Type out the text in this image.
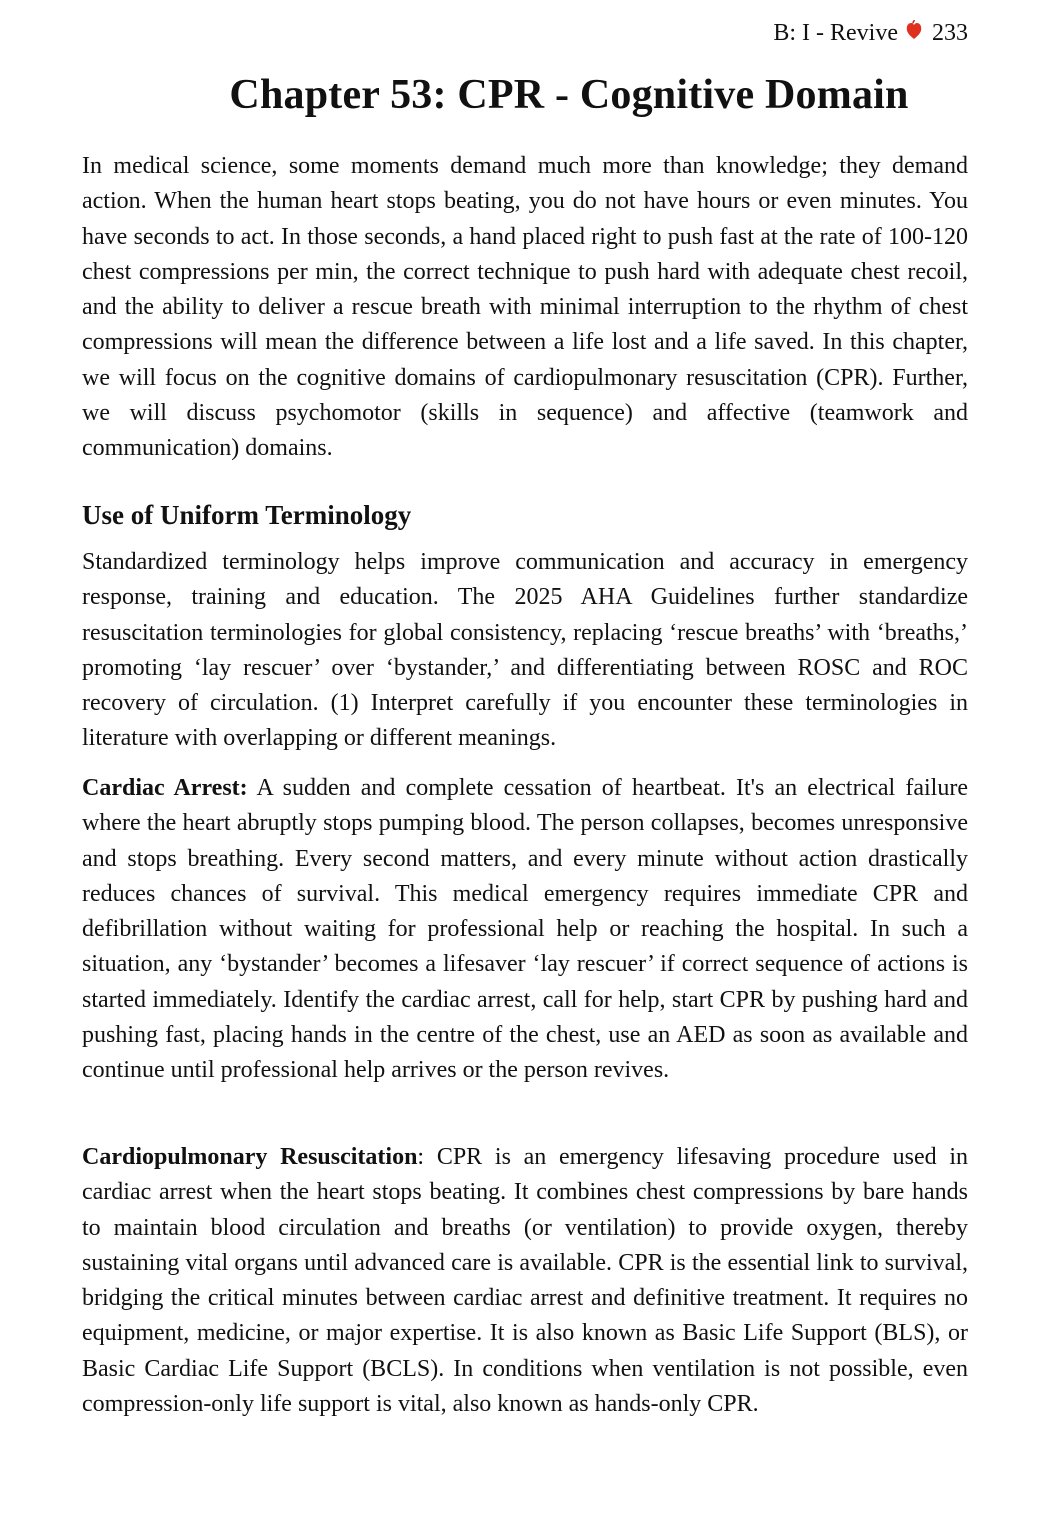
B: I - Revive 233
Chapter 53: CPR - Cognitive Domain

In medical science, some moments demand much more than knowledge; they demand action. When the human heart stops beating, you do not have hours or even minutes. You have seconds to act. In those seconds, a hand placed right to push fast at the rate of 100-120 chest compressions per min, the correct technique to push hard with adequate chest recoil, and the ability to deliver a rescue breath with minimal interruption to the rhythm of chest compressions will mean the difference between a life lost and a life saved. In this chapter, we will focus on the cognitive domains of cardiopulmonary resuscitation (CPR). Further, we will discuss psychomotor (skills in sequence) and affective (teamwork and communication) domains.

Use of Uniform Terminology

Standardized terminology helps improve communication and accuracy in emergency response, training and education. The 2025 AHA Guidelines further standardize resuscitation terminologies for global consistency, replacing ‘rescue breaths’ with ‘breaths,’ promoting ‘lay rescuer’ over ‘bystander,’ and differentiating between ROSC and ROC recovery of circulation. (1) Interpret carefully if you encounter these terminologies in literature with overlapping or different meanings.

Cardiac Arrest: A sudden and complete cessation of heartbeat. It's an electrical failure where the heart abruptly stops pumping blood. The person collapses, becomes unresponsive and stops breathing. Every second matters, and every minute without action drastically reduces chances of survival. This medical emergency requires immediate CPR and defibrillation without waiting for professional help or reaching the hospital. In such a situation, any ‘bystander’ becomes a lifesaver ‘lay rescuer’ if correct sequence of actions is started immediately. Identify the cardiac arrest, call for help, start CPR by pushing hard and pushing fast, placing hands in the centre of the chest, use an AED as soon as available and continue until professional help arrives or the person revives.

Cardiopulmonary Resuscitation: CPR is an emergency lifesaving procedure used in cardiac arrest when the heart stops beating. It combines chest compressions by bare hands to maintain blood circulation and breaths (or ventilation) to provide oxygen, thereby sustaining vital organs until advanced care is available. CPR is the essential link to survival, bridging the critical minutes between cardiac arrest and definitive treatment. It requires no equipment, medicine, or major expertise. It is also known as Basic Life Support (BLS), or Basic Cardiac Life Support (BCLS). In conditions when ventilation is not possible, even compression-only life support is vital, also known as hands-only CPR.
